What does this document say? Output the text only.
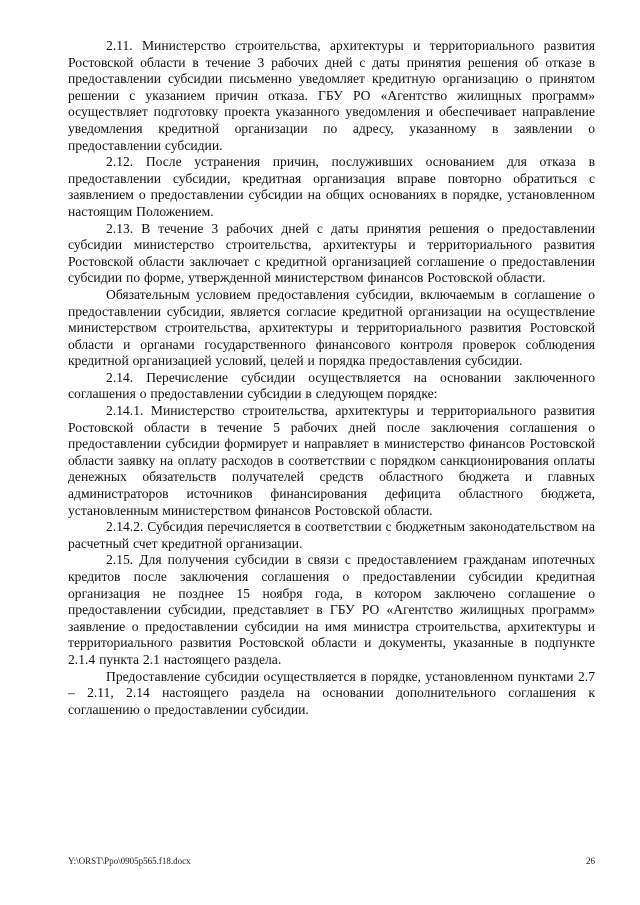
2.11. Министерство строительства, архитектуры и территориального развития Ростовской области в течение 3 рабочих дней с даты принятия решения об отказе в предоставлении субсидии письменно уведомляет кредитную организацию о принятом решении с указанием причин отказа. ГБУ РО «Агентство жилищных программ» осуществляет подготовку проекта указанного уведомления и обеспечивает направление уведомления кредитной организации по адресу, указанному в заявлении о предоставлении субсидии.

2.12. После устранения причин, послуживших основанием для отказа в предоставлении субсидии, кредитная организация вправе повторно обратиться с заявлением о предоставлении субсидии на общих основаниях в порядке, установленном настоящим Положением.

2.13. В течение 3 рабочих дней с даты принятия решения о предоставлении субсидии министерство строительства, архитектуры и территориального развития Ростовской области заключает с кредитной организацией соглашение о предоставлении субсидии по форме, утвержденной министерством финансов Ростовской области.

Обязательным условием предоставления субсидии, включаемым в соглашение о предоставлении субсидии, является согласие кредитной организации на осуществление министерством строительства, архитектуры и территориального развития Ростовской области и органами государственного финансового контроля проверок соблюдения кредитной организацией условий, целей и порядка предоставления субсидии.

2.14. Перечисление субсидии осуществляется на основании заключенного соглашения о предоставлении субсидии в следующем порядке:

2.14.1. Министерство строительства, архитектуры и территориального развития Ростовской области в течение 5 рабочих дней после заключения соглашения о предоставлении субсидии формирует и направляет в министерство финансов Ростовской области заявку на оплату расходов в соответствии с порядком санкционирования оплаты денежных обязательств получателей средств областного бюджета и главных администраторов источников финансирования дефицита областного бюджета, установленным министерством финансов Ростовской области.

2.14.2. Субсидия перечисляется в соответствии с бюджетным законодательством на расчетный счет кредитной организации.

2.15. Для получения субсидии в связи с предоставлением гражданам ипотечных кредитов после заключения соглашения о предоставлении субсидии кредитная организация не позднее 15 ноября года, в котором заключено соглашение о предоставлении субсидии, представляет в ГБУ РО «Агентство жилищных программ» заявление о предоставлении субсидии на имя министра строительства, архитектуры и территориального развития Ростовской области и документы, указанные в подпункте 2.1.4 пункта 2.1 настоящего раздела.

Предоставление субсидии осуществляется в порядке, установленном пунктами 2.7 – 2.11, 2.14 настоящего раздела на основании дополнительного соглашения к соглашению о предоставлении субсидии.

Y:\ORST\Ppo\0905p565.f18.docx	26
